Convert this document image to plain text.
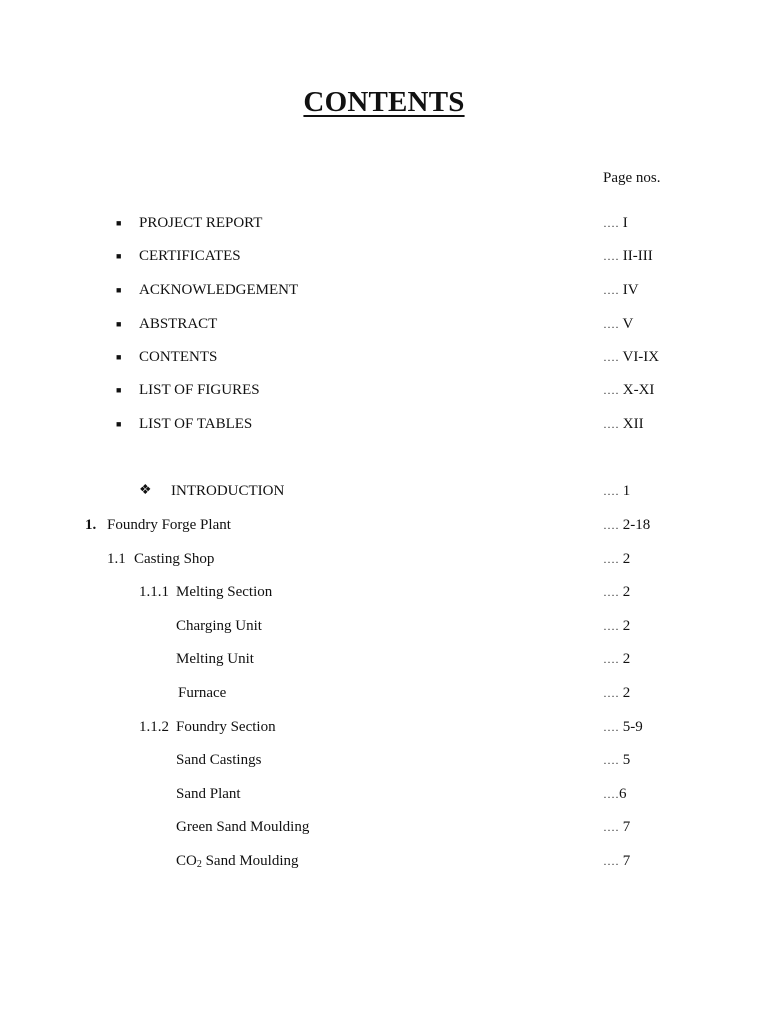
CONTENTS
Page nos.
■ PROJECT REPORT	…. I
■ CERTIFICATES	…. II-III
■ ACKNOWLEDGEMENT	…. IV
■ ABSTRACT	…. V
■ CONTENTS	…. VI-IX
■ LIST OF FIGURES	…. X-XI
■ LIST OF TABLES	…. XII
❖ INTRODUCTION	…. 1
1. Foundry Forge Plant	…. 2-18
1.1 Casting Shop	…. 2
1.1.1 Melting Section	…. 2
Charging Unit	…. 2
Melting Unit	…. 2
Furnace	…. 2
1.1.2 Foundry Section	…. 5-9
Sand Castings	…. 5
Sand Plant	….6
Green Sand Moulding	…. 7
$CO_2$ Sand Moulding	…. 7
